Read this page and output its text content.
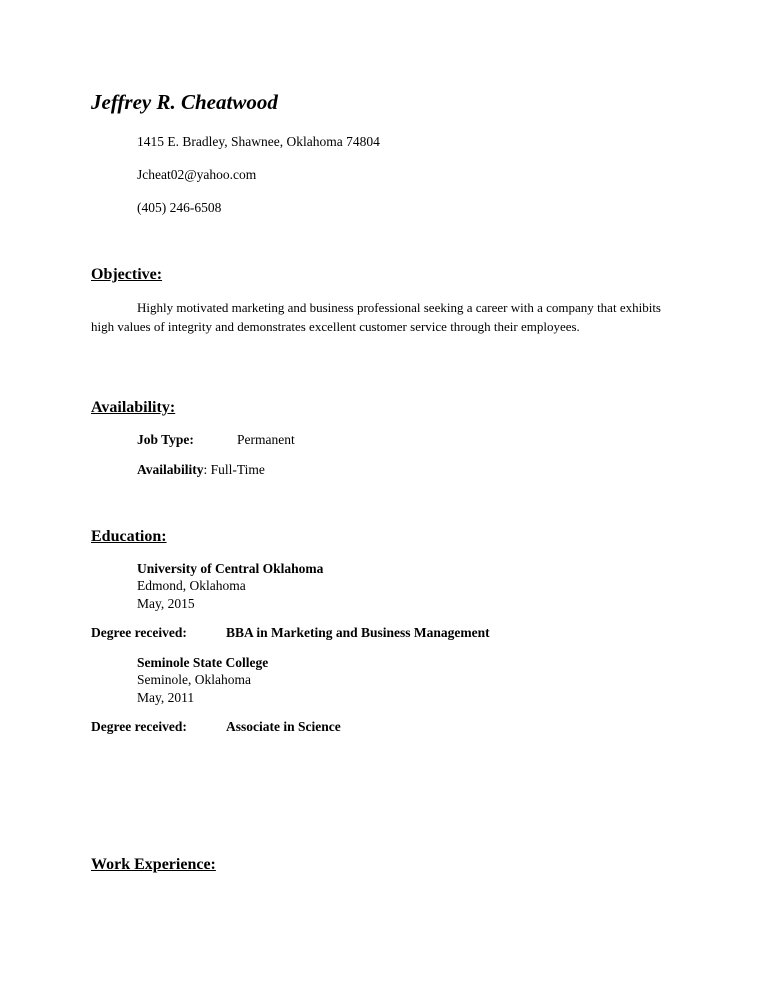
Jeffrey R. Cheatwood
1415 E. Bradley, Shawnee, Oklahoma 74804
Jcheat02@yahoo.com
(405) 246-6508
Objective:
Highly motivated marketing and business professional seeking a career with a company that exhibits high values of integrity and demonstrates excellent customer service through their employees.
Availability:
Job Type:	Permanent
Availability: Full-Time
Education:
University of Central Oklahoma
Edmond, Oklahoma
May, 2015
Degree received:	BBA in Marketing and Business Management
Seminole State College
Seminole, Oklahoma
May, 2011
Degree received:	Associate in Science
Work Experience:
